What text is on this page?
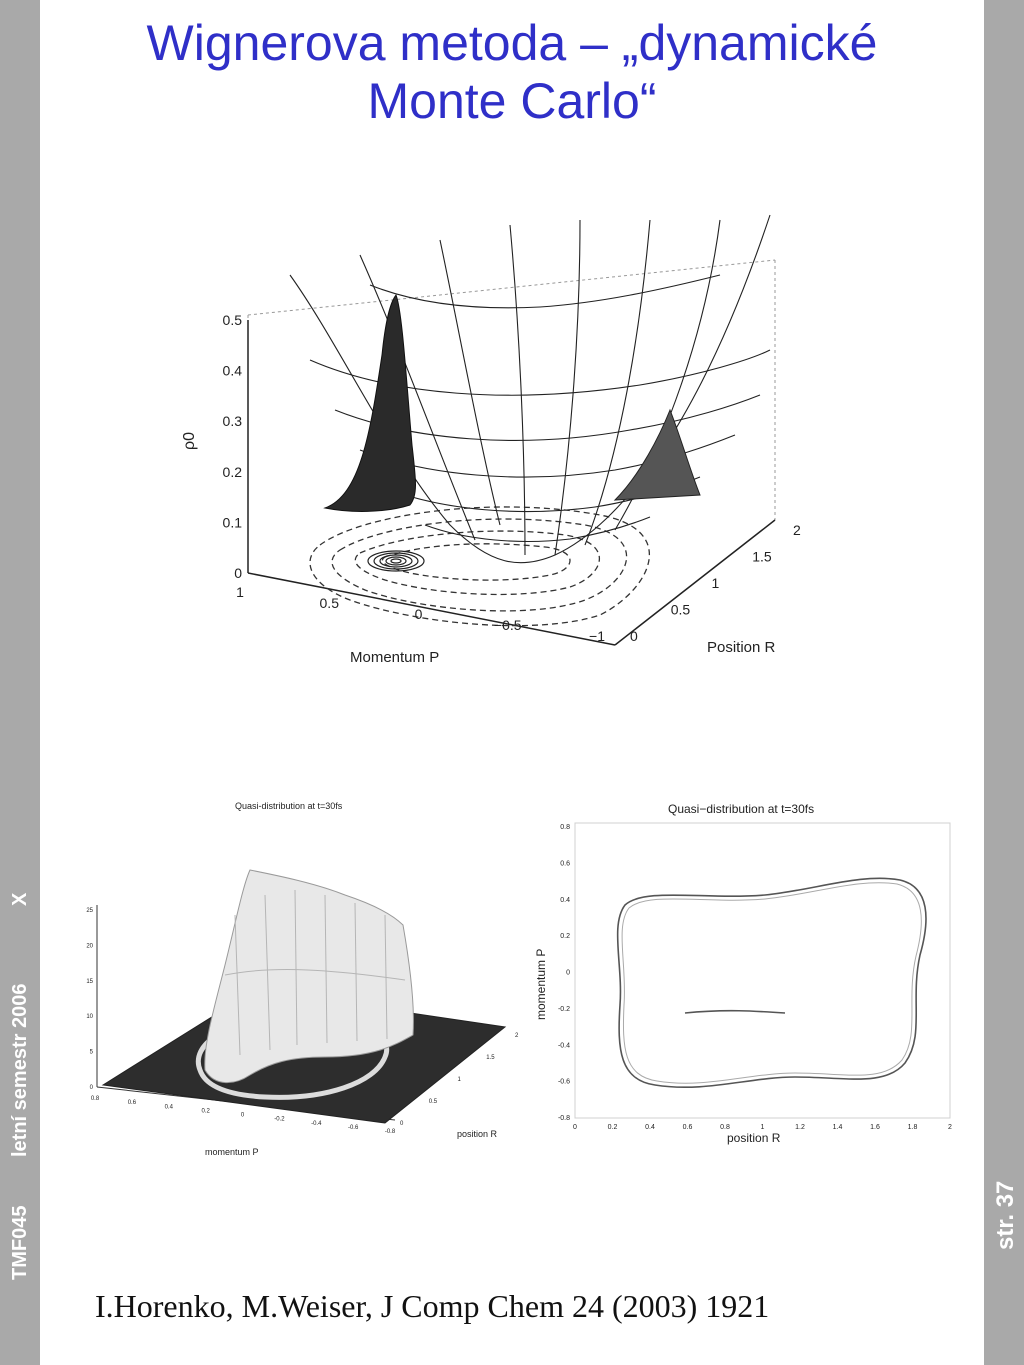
TMF045
letní semestr 2006
X
str. 37
Wignerova metoda – „dynamické
Monte Carlo“
ρ0
Momentum P
Position R
0
0.1
0.2
0.3
0.4
0.5
1
0.5
0
−0.5
−1 0
0.5
1
1.5
2
Quasi-distribution at t=30fs
momentum P
position R
0
5
10
15
20
25
0.8
0.6
0.4
0.2
0
-0.2
-0.4
-0.6
-0.8
0
0.5
1
1.5
2
Quasi−distribution at t=30fs
position R
momentum P
0	0.2	0.4	0.6	0.8	1	1.2	1.4	1.6	1.8	2
0.8
0.6
0.4
0.2
0
-0.2
-0.4
-0.6
-0.8
I.Horenko, M.Weiser, J Comp Chem 24 (2003) 1921
